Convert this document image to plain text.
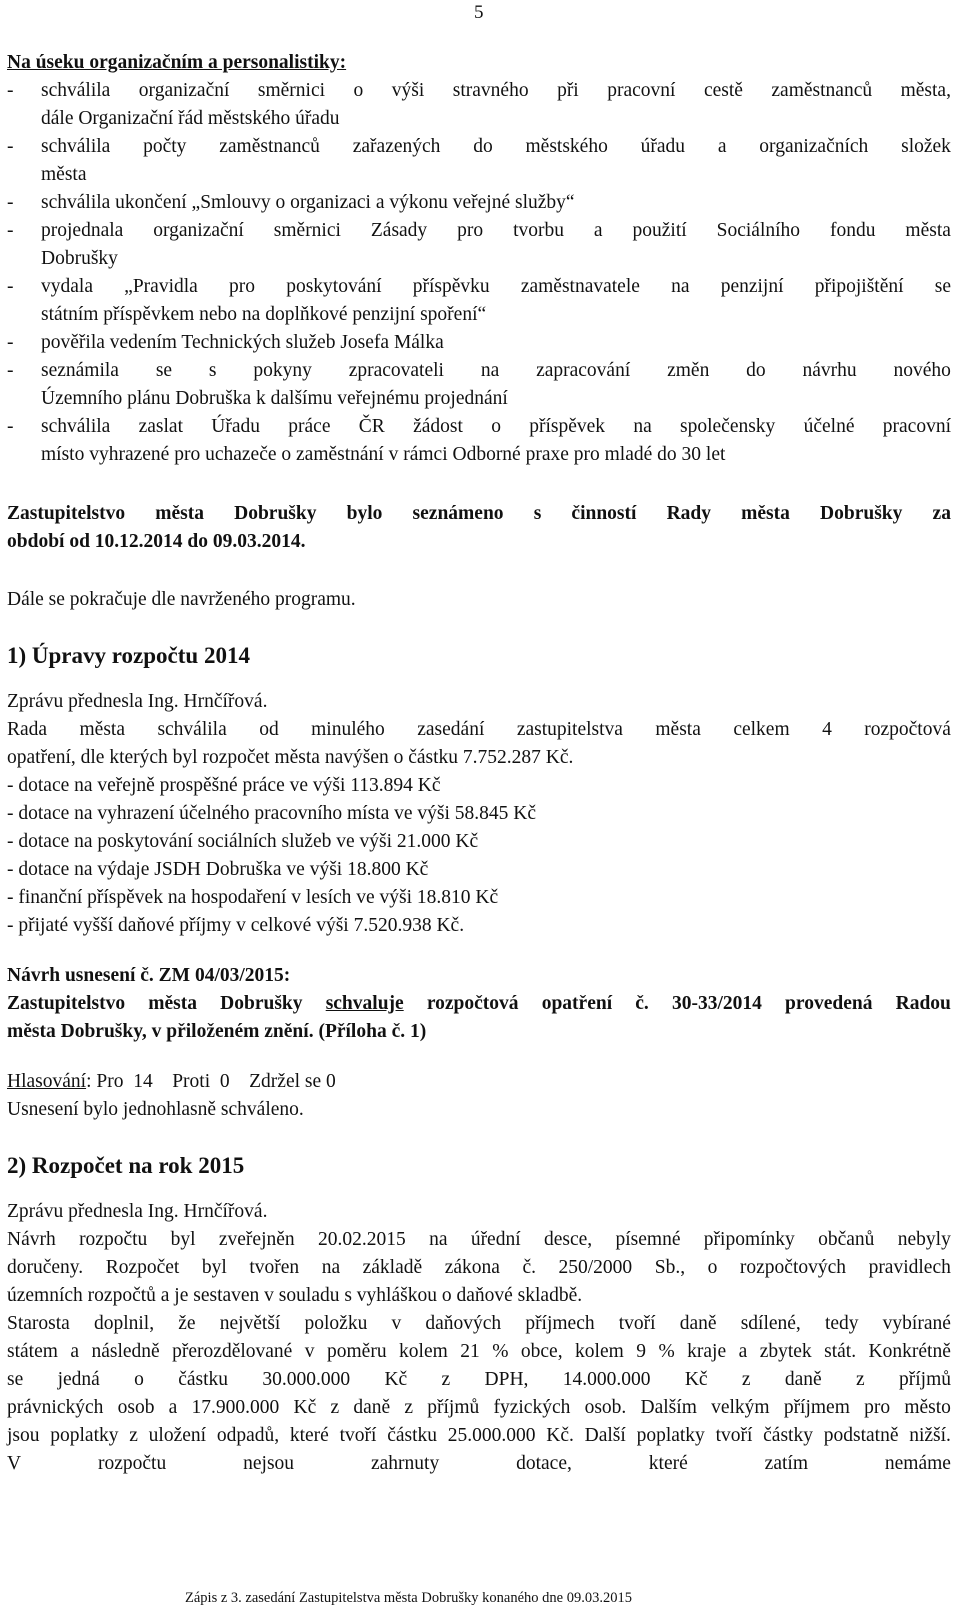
5
Na úseku organizačním a personalistiky:
- schválila organizační směrnici o výši stravného při pracovní cestě zaměstnanců města,
dále Organizační řád městského úřadu
- schválila počty zaměstnanců zařazených do městského úřadu a organizačních složek
města
- schválila ukončení „Smlouvy o organizaci a výkonu veřejné služby“
- projednala organizační směrnici Zásady pro tvorbu a použití Sociálního fondu města
Dobrušky
- vydala „Pravidla pro poskytování příspěvku zaměstnavatele na penzijní připojištění se
státním příspěvkem nebo na doplňkové penzijní spoření“
- pověřila vedením Technických služeb Josefa Málka
- seznámila se s pokyny zpracovateli na zapracování změn do návrhu nového
Územního plánu Dobruška k dalšímu veřejnému projednání
- schválila zaslat Úřadu práce ČR žádost o příspěvek na společensky účelné pracovní
místo vyhrazené pro uchazeče o zaměstnání v rámci Odborné praxe pro mladé do 30 let
Zastupitelstvo města Dobrušky bylo seznámeno s činností Rady města Dobrušky za
období od 10.12.2014 do 09.03.2014.
Dále se pokračuje dle navrženého programu.
1) Úpravy rozpočtu 2014
Zprávu přednesla Ing. Hrnčířová.
Rada města schválila od minulého zasedání zastupitelstva města celkem 4 rozpočtová
opatření, dle kterých byl rozpočet města navýšen o částku 7.752.287 Kč.
- dotace na veřejně prospěšné práce ve výši 113.894 Kč
- dotace na vyhrazení účelného pracovního místa ve výši 58.845 Kč
- dotace na poskytování sociálních služeb ve výši 21.000 Kč
- dotace na výdaje JSDH Dobruška ve výši 18.800 Kč
- finanční příspěvek na hospodaření v lesích ve výši 18.810 Kč
- přijaté vyšší daňové příjmy v celkové výši 7.520.938 Kč.
Návrh usnesení č. ZM 04/03/2015:
Zastupitelstvo města Dobrušky schvaluje rozpočtová opatření č. 30-33/2014 provedená Radou
města Dobrušky, v přiloženém znění. (Příloha č. 1)
Hlasování: Pro  14    Proti  0    Zdržel se 0
Usnesení bylo jednohlasně schváleno.
2) Rozpočet na rok 2015
Zprávu přednesla Ing. Hrnčířová.
Návrh rozpočtu byl zveřejněn 20.02.2015 na úřední desce, písemné připomínky občanů nebyly
doručeny. Rozpočet byl tvořen na základě zákona č. 250/2000 Sb., o rozpočtových pravidlech
územních rozpočtů a je sestaven v souladu s vyhláškou o daňové skladbě.
Starosta doplnil, že největší položku v daňových příjmech tvoří daně sdílené, tedy vybírané
státem a následně přerozdělované v poměru kolem 21 % obce, kolem 9 % kraje a zbytek stát. Konkrétně
se jedná o částku 30.000.000 Kč z DPH, 14.000.000 Kč z daně z příjmů
právnických osob a 17.900.000 Kč z daně z příjmů fyzických osob. Dalším velkým příjmem pro město
jsou poplatky z uložení odpadů, které tvoří částku 25.000.000 Kč. Další poplatky tvoří částky podstatně nižší.
V	rozpočtu	nejsou	zahrnuty	dotace,	které	zatím	nemáme
Zápis z 3. zasedání Zastupitelstva města Dobrušky konaného dne 09.03.2015
